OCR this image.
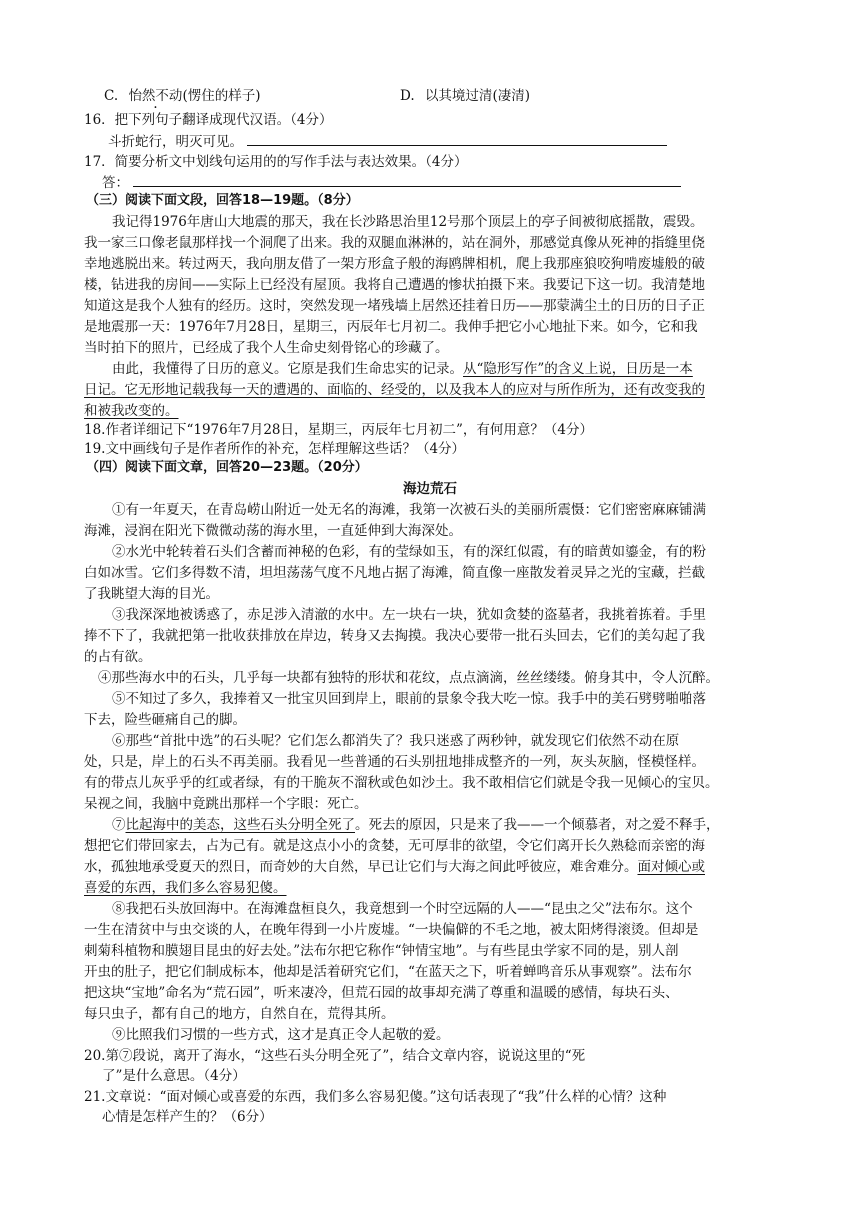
C. 怡然不动(愣住的样子)	D. 以其境过清(凄清)
16．把下列句子翻译成现代汉语。（4分）
斗折蛇行，明灭可见。
17．简要分析文中划线句运用的的写作手法与表达效果。（4分）
答：
（三）阅读下面文段，回答18—19题。（8分）
我记得1976年唐山大地震的那天，我在长沙路思治里12号那个顶层上的亭子间被彻底摇散，震毁。
我一家三口像老鼠那样找一个洞爬了出来。我的双腿血淋淋的，站在洞外，那感觉真像从死神的指缝里侥
幸地逃脱出来。转过两天，我向朋友借了一架方形盒子般的海鸥牌相机，爬上我那座狼咬狗啃废墟般的破
楼，钻进我的房间——实际上已经没有屋顶。我将自己遭遇的惨状拍摄下来。我要记下这一切。我清楚地
知道这是我个人独有的经历。这时，突然发现一堵残墙上居然还挂着日历——那蒙满尘土的日历的日子正
是地震那一天：1976年7月28日，星期三，丙辰年七月初二。我伸手把它小心地扯下来。如今，它和我
当时拍下的照片，已经成了我个人生命史刻骨铭心的珍藏了。
由此，我懂得了日历的意义。它原是我们生命忠实的记录。从“隐形写作”的含义上说，日历是一本
日记。它无形地记载我每一天的遭遇的、面临的、经受的，以及我本人的应对与所作所为，还有改变我的
和被我改变的。
18.作者详细记下“1976年7月28日，星期三，丙辰年七月初二”，有何用意？（4分）
19.文中画线句子是作者所作的补充，怎样理解这些话？（4分）
（四）阅读下面文章，回答20—23题。（20分）
海边荒石
①有一年夏天，在青岛崂山附近一处无名的海滩，我第一次被石头的美丽所震慑：它们密密麻麻铺满
海滩，浸润在阳光下微微动荡的海水里，一直延伸到大海深处。
②水光中轮转着石头们含蓄而神秘的色彩，有的莹绿如玉，有的深红似霞，有的暗黄如鎏金，有的粉
白如冰雪。它们多得数不清，坦坦荡荡气度不凡地占据了海滩，简直像一座散发着灵异之光的宝藏，拦截
了我眺望大海的目光。
③我深深地被诱惑了，赤足涉入清澈的水中。左一块右一块，犹如贪婪的盗墓者，我挑着拣着。手里
捧不下了，我就把第一批收获排放在岸边，转身又去掏摸。我决心要带一批石头回去，它们的美勾起了我
的占有欲。
④那些海水中的石头，几乎每一块都有独特的形状和花纹，点点滴滴，丝丝缕缕。俯身其中，令人沉醉。
⑤不知过了多久，我捧着又一批宝贝回到岸上，眼前的景象令我大吃一惊。我手中的美石劈劈啪啪落
下去，险些砸痛自己的脚。
⑥那些“首批中选”的石头呢？它们怎么都消失了？我只迷惑了两秒钟，就发现它们依然不动在原
处，只是，岸上的石头不再美丽。我看见一些普通的石头别扭地排成整齐的一列，灰头灰脑，怪模怪样。
有的带点儿灰乎乎的红或者绿，有的干脆灰不溜秋或色如沙土。我不敢相信它们就是令我一见倾心的宝贝。
呆视之间，我脑中竟跳出那样一个字眼：死亡。
⑦比起海中的美态，这些石头分明全死了。死去的原因，只是来了我——一个倾慕者，对之爱不释手，
想把它们带回家去，占为己有。就是这点小小的贪婪，无可厚非的欲望，令它们离开长久熟稔而亲密的海
水，孤独地承受夏天的烈日，而奇妙的大自然，早已让它们与大海之间此呼彼应，难舍难分。面对倾心或
喜爱的东西，我们多么容易犯傻。
⑧我把石头放回海中。在海滩盘桓良久，我竟想到一个时空远隔的人——“昆虫之父”法布尔。这个
一生在清贫中与虫交谈的人，在晚年得到一小片废墟。“一块偏僻的不毛之地，被太阳烤得滚烫。但却是
刺菊科植物和膜翅目昆虫的好去处。”法布尔把它称作“钟情宝地”。与有些昆虫学家不同的是，别人剖
开虫的肚子，把它们制成标本，他却是活着研究它们，“在蓝天之下，听着蝉鸣音乐从事观察”。法布尔
把这块“宝地”命名为“荒石园”，听来凄冷，但荒石园的故事却充满了尊重和温暖的感情，每块石头、
每只虫子，都有自己的地方，自然自在，荒得其所。
⑨比照我们习惯的一些方式，这才是真正令人起敬的爱。
20.第⑦段说，离开了海水，“这些石头分明全死了”，结合文章内容，说说这里的“死
了”是什么意思。（4分）
21.文章说：“面对倾心或喜爱的东西，我们多么容易犯傻。”这句话表现了“我”什么样的心情？这种
心情是怎样产生的？（6分）
